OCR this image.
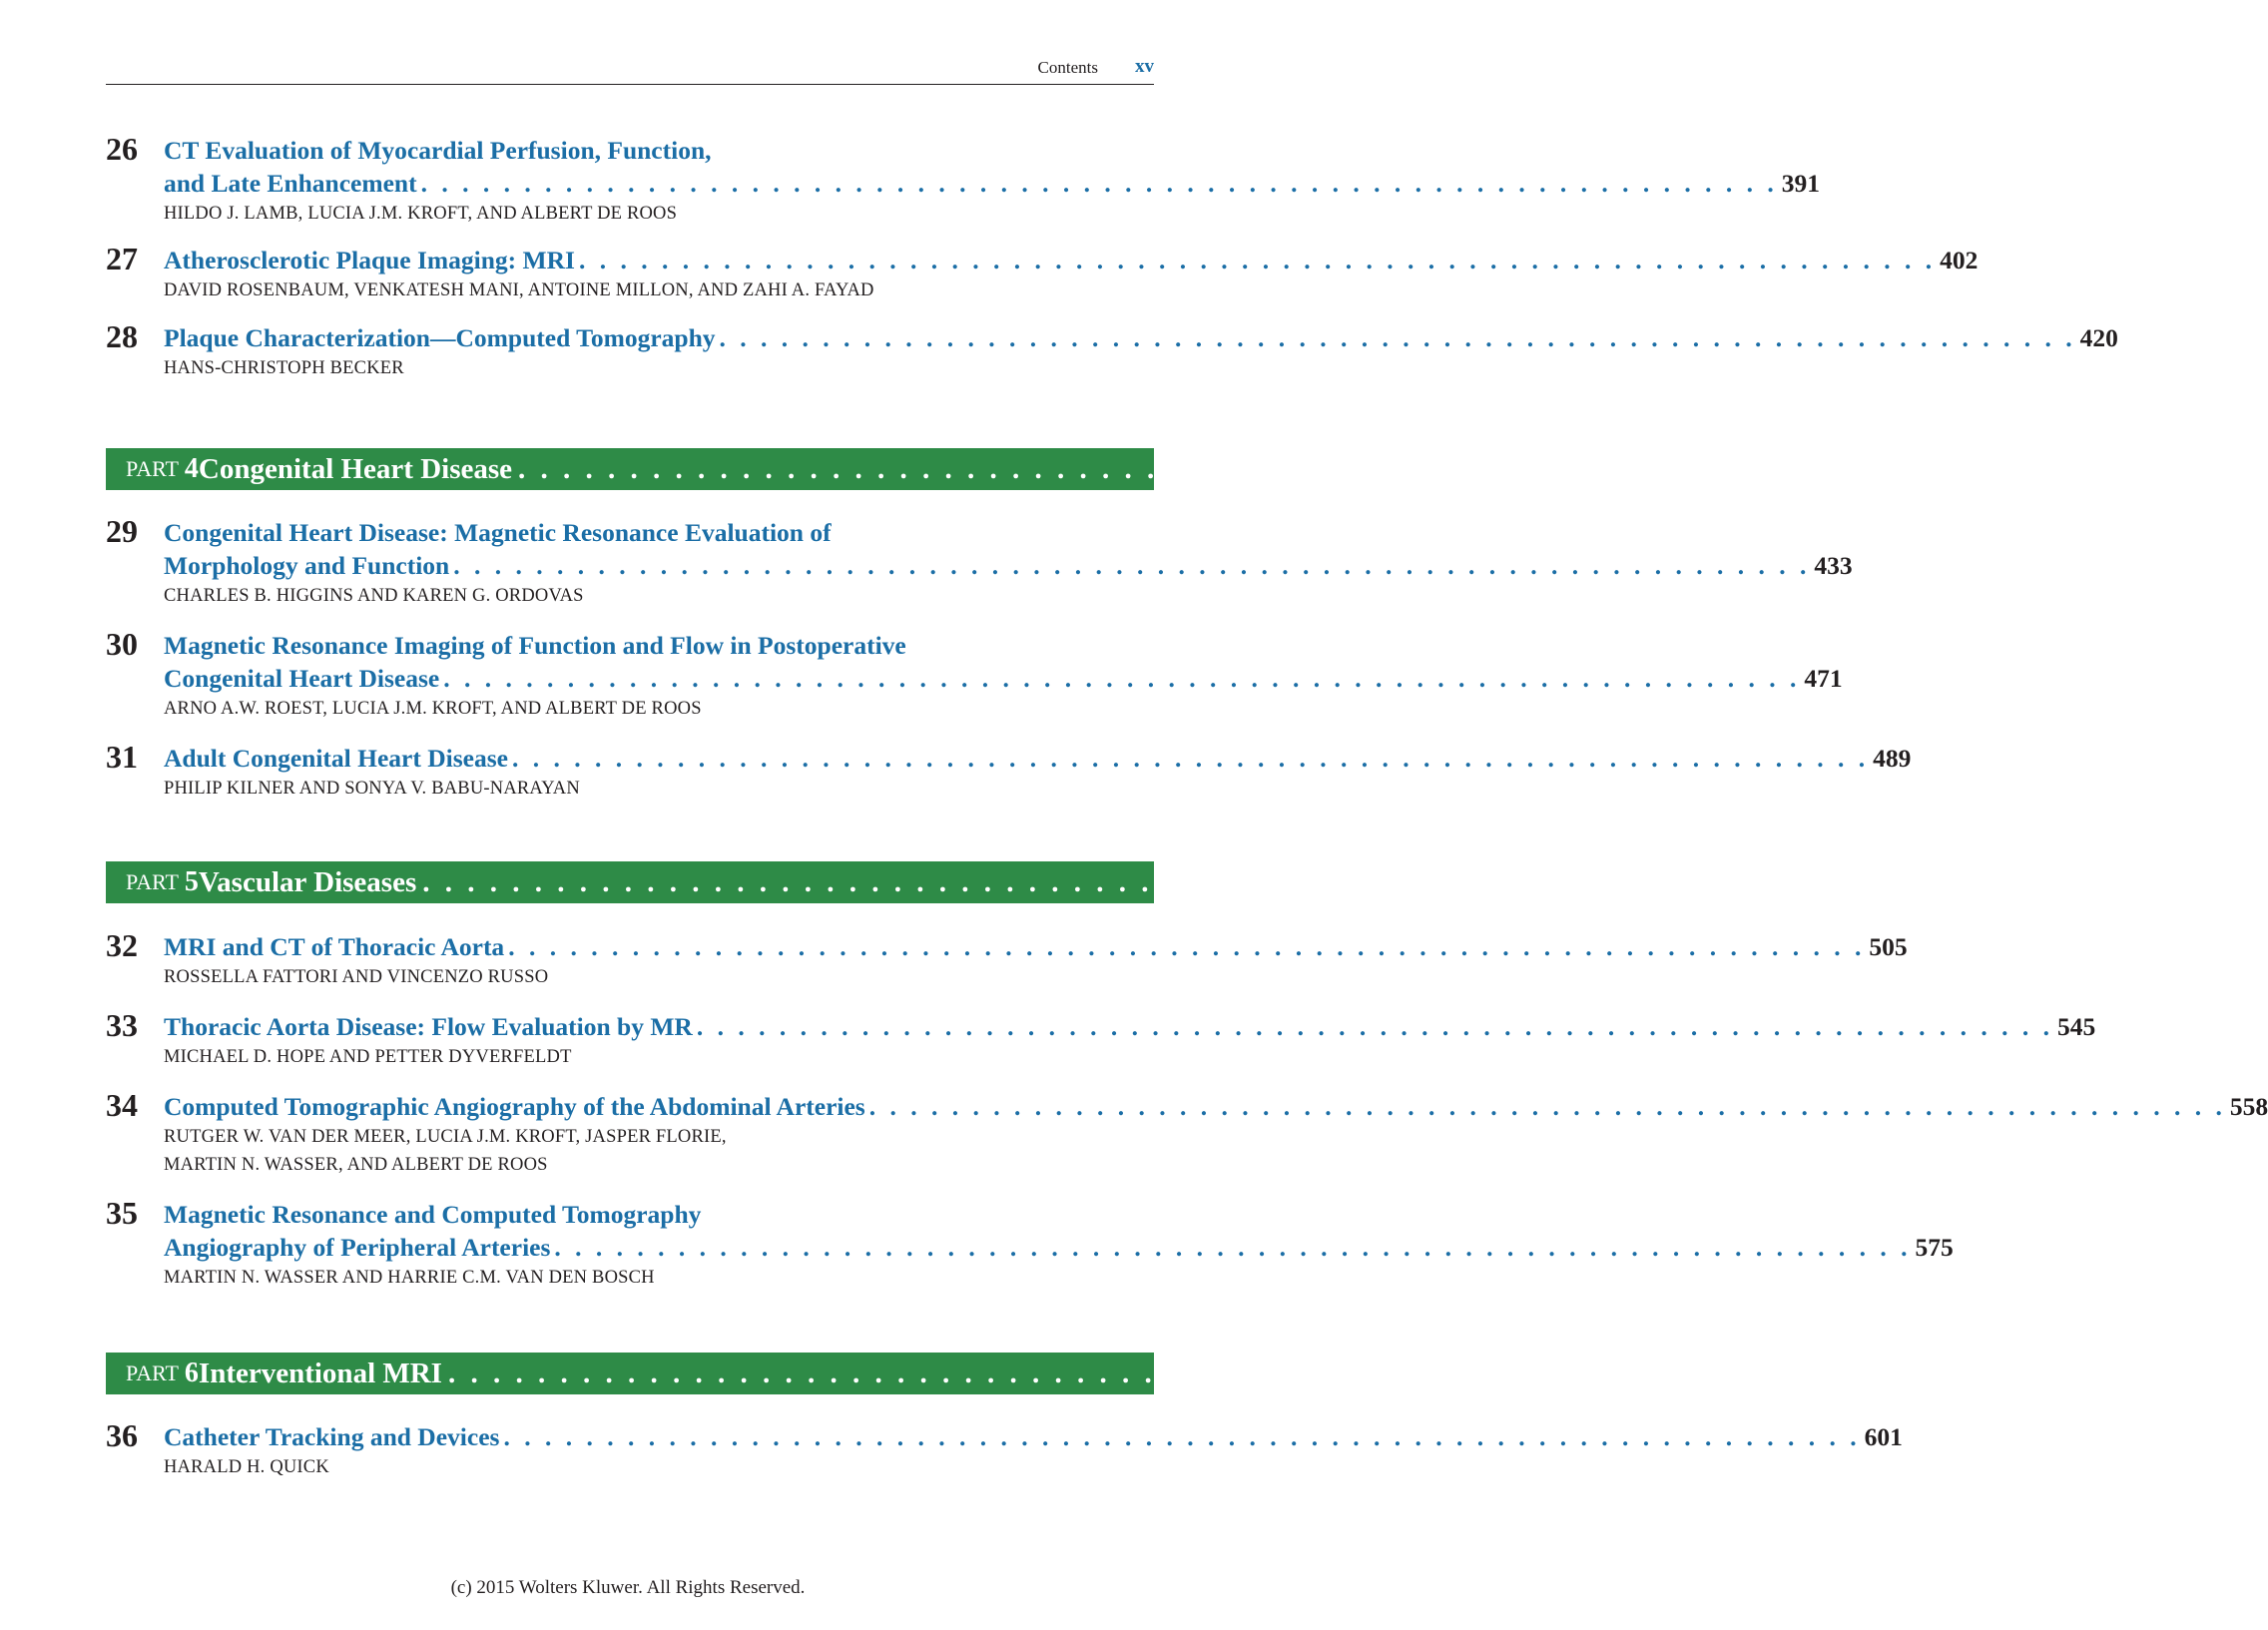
Contents xv
26 CT Evaluation of Myocardial Perfusion, Function,
and Late Enhancement . . . . . . . . . . . . . . . . . . . . . . . . . . . . . . . . . . . . . . . . . . . . . . . . . . . . . . . . . . . . . . . . . . 391
HILDO J. LAMB, LUCIA J.M. KROFT, AND ALBERT DE ROOS
27 Atherosclerotic Plaque Imaging: MRI . . . . . . . . . . . . . . . . . . . . . . . . . . . . . . . . . . . . . . . . . . . . . . . . . . . . . . . . . . . . . . . . . . 402
DAVID ROSENBAUM, VENKATESH MANI, ANTOINE MILLON, AND ZAHI A. FAYAD
28 Plaque Characterization—Computed Tomography . . . . . . . . . . . . . . . . . . . . . . . . . . . . . . . . . . . . . . . . . . . . . . . . . . . . . . . . . . . . . . . . . . 420
HANS-CHRISTOPH BECKER
PART 4 Congenital Heart Disease . . . . . . . . . . . . . . . . . . . . . . . . . . . . . . . . . . . . . . . . . . . . . . . . . . . . . . . . . . . . . . . . . . 431
29 Congenital Heart Disease: Magnetic Resonance Evaluation of
Morphology and Function . . . . . . . . . . . . . . . . . . . . . . . . . . . . . . . . . . . . . . . . . . . . . . . . . . . . . . . . . . . . . . . . . . 433
CHARLES B. HIGGINS AND KAREN G. ORDOVAS
30 Magnetic Resonance Imaging of Function and Flow in Postoperative
Congenital Heart Disease . . . . . . . . . . . . . . . . . . . . . . . . . . . . . . . . . . . . . . . . . . . . . . . . . . . . . . . . . . . . . . . . . . 471
ARNO A.W. ROEST, LUCIA J.M. KROFT, AND ALBERT DE ROOS
31 Adult Congenital Heart Disease . . . . . . . . . . . . . . . . . . . . . . . . . . . . . . . . . . . . . . . . . . . . . . . . . . . . . . . . . . . . . . . . . . 489
PHILIP KILNER AND SONYA V. BABU-NARAYAN
PART 5 Vascular Diseases . . . . . . . . . . . . . . . . . . . . . . . . . . . . . . . . . . . . . . . . . . . . . . . . . . . . . . . . . . . . . . . . . . 503
32 MRI and CT of Thoracic Aorta . . . . . . . . . . . . . . . . . . . . . . . . . . . . . . . . . . . . . . . . . . . . . . . . . . . . . . . . . . . . . . . . . . 505
ROSSELLA FATTORI AND VINCENZO RUSSO
33 Thoracic Aorta Disease: Flow Evaluation by MR . . . . . . . . . . . . . . . . . . . . . . . . . . . . . . . . . . . . . . . . . . . . . . . . . . . . . . . . . . . . . . . . . . 545
MICHAEL D. HOPE AND PETTER DYVERFELDT
34 Computed Tomographic Angiography of the Abdominal Arteries . . . . . . . . . . . . . . . . . . . . . . . . . . . . . . . . . . . . . . . . . . . . . . . . . . . . . . . . . . . . . . . . . . 558
RUTGER W. VAN DER MEER, LUCIA J.M. KROFT, JASPER FLORIE,
MARTIN N. WASSER, AND ALBERT DE ROOS
35 Magnetic Resonance and Computed Tomography
Angiography of Peripheral Arteries . . . . . . . . . . . . . . . . . . . . . . . . . . . . . . . . . . . . . . . . . . . . . . . . . . . . . . . . . . . . . . . . . . 575
MARTIN N. WASSER AND HARRIE C.M. VAN DEN BOSCH
PART 6 Interventional MRI . . . . . . . . . . . . . . . . . . . . . . . . . . . . . . . . . . . . . . . . . . . . . . . . . . . . . . . . . . . . . . . . . . 599
36 Catheter Tracking and Devices . . . . . . . . . . . . . . . . . . . . . . . . . . . . . . . . . . . . . . . . . . . . . . . . . . . . . . . . . . . . . . . . . . 601
HARALD H. QUICK
(c) 2015 Wolters Kluwer. All Rights Reserved.
